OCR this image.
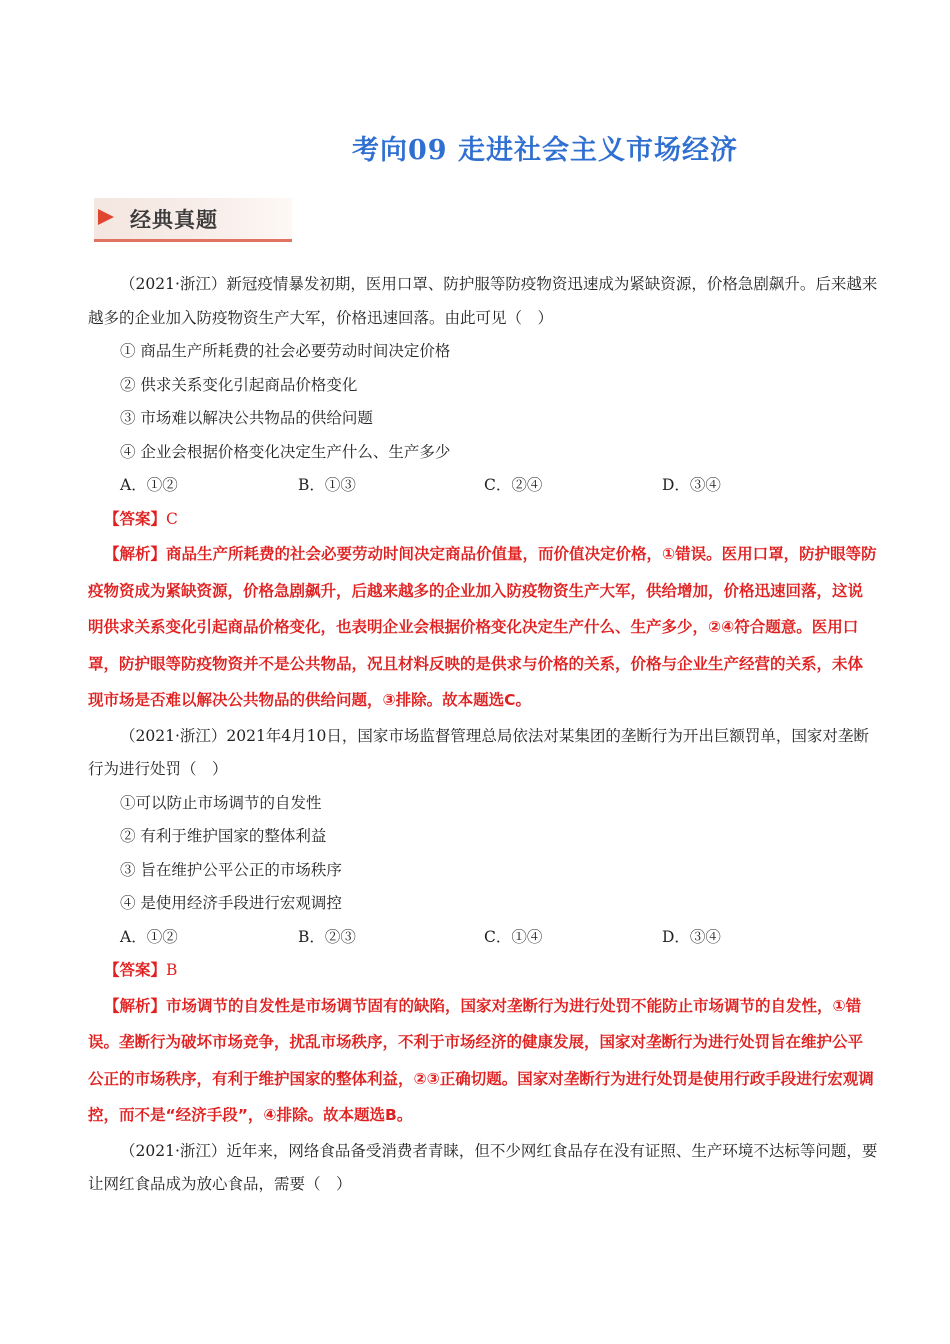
考向09 走进社会主义市场经济
经典真题

（2021·浙江）新冠疫情暴发初期，医用口罩、防护服等防疫物资迅速成为紧缺资源，价格急剧飙升。后来越来越多的企业加入防疫物资生产大军，价格迅速回落。由此可见（　）

① 商品生产所耗费的社会必要劳动时间决定价格

② 供求关系变化引起商品价格变化

③ 市场难以解决公共物品的供给问题

④ 企业会根据价格变化决定生产什么、生产多少

A．①②	B．①③	C．②④	D．③④

【答案】C

【解析】商品生产所耗费的社会必要劳动时间决定商品价值量，而价值决定价格，①错误。医用口罩，防护眼等防疫物资成为紧缺资源，价格急剧飙升，后越来越多的企业加入防疫物资生产大军，供给增加，价格迅速回落，这说明供求关系变化引起商品价格变化，也表明企业会根据价格变化决定生产什么、生产多少，②④符合题意。医用口罩，防护眼等防疫物资并不是公共物品，况且材料反映的是供求与价格的关系，价格与企业生产经营的关系，未体现市场是否难以解决公共物品的供给问题，③排除。故本题选C。

（2021·浙江）2021年4月10日，国家市场监督管理总局依法对某集团的垄断行为开出巨额罚单，国家对垄断行为进行处罚（　）

①可以防止市场调节的自发性

② 有利于维护国家的整体利益

③ 旨在维护公平公正的市场秩序

④ 是使用经济手段进行宏观调控

A．①②	B．②③	C．①④	D．③④

【答案】B

【解析】市场调节的自发性是市场调节固有的缺陷，国家对垄断行为进行处罚不能防止市场调节的自发性，①错误。垄断行为破坏市场竞争，扰乱市场秩序，不利于市场经济的健康发展，国家对垄断行为进行处罚旨在维护公平公正的市场秩序，有利于维护国家的整体利益，②③正确切题。国家对垄断行为进行处罚是使用行政手段进行宏观调控，而不是“经济手段”，④排除。故本题选B。

（2021·浙江）近年来，网络食品备受消费者青睐，但不少网红食品存在没有证照、生产环境不达标等问题，要让网红食品成为放心食品，需要（　）
